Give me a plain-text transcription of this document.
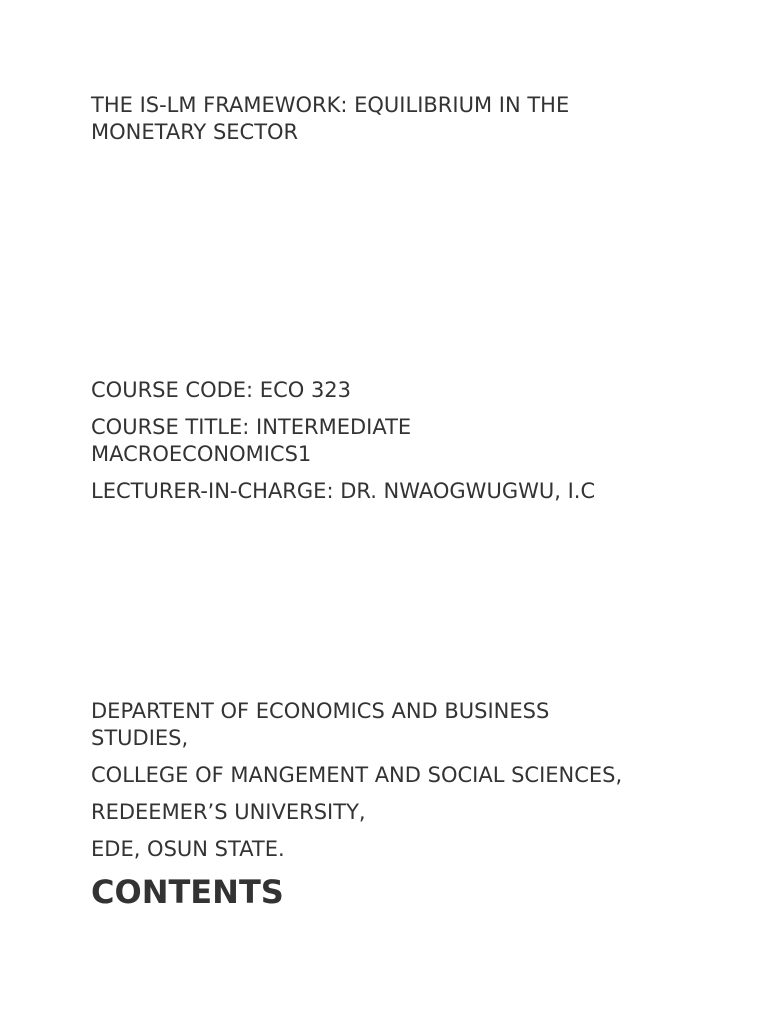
THE IS-LM FRAMEWORK: EQUILIBRIUM IN THE MONETARY SECTOR

COURSE CODE: ECO 323

COURSE TITLE: INTERMEDIATE MACROECONOMICS1

LECTURER-IN-CHARGE: DR. NWAOGWUGWU, I.C

DEPARTENT OF ECONOMICS AND BUSINESS STUDIES,

COLLEGE OF MANGEMENT AND SOCIAL SCIENCES,

REDEEMER’S UNIVERSITY,

EDE, OSUN STATE.

CONTENTS
